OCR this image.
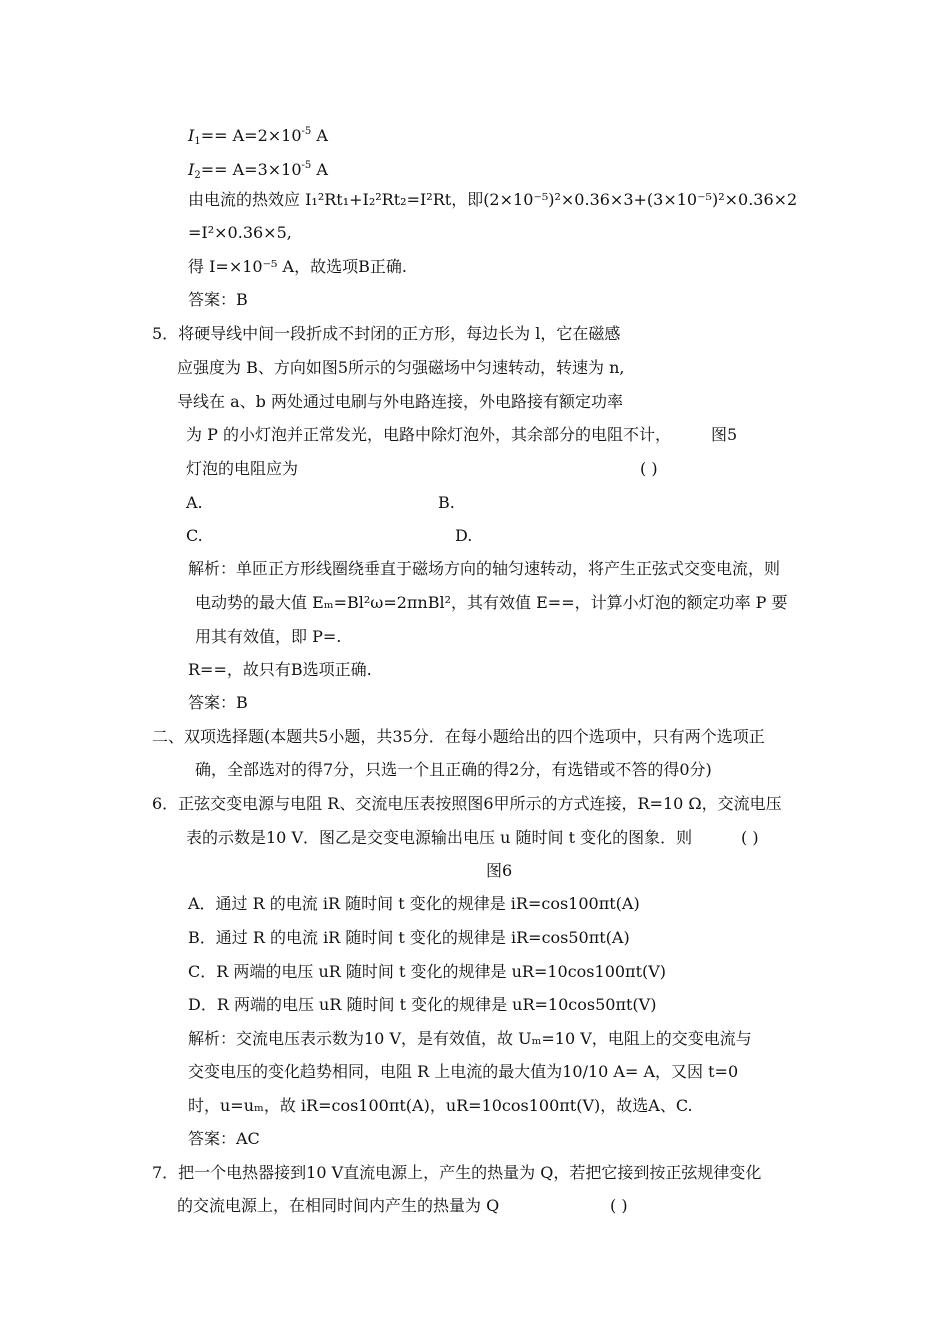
$I_1== A=2\times 10^{-5}$ A
$I_2== A=3\times 10^{-5}$ A
由电流的热效应 I₁²Rt₁+I₂²Rt₂=I²Rt，即(2×10⁻⁵)²×0.36×3+(3×10⁻⁵)²×0.36×2
=I²×0.36×5,
得 I=×10⁻⁵ A，故选项B正确.
答案：B
5．将硬导线中间一段折成不封闭的正方形，每边长为 l，它在磁感
应强度为 B、方向如图5所示的匀强磁场中匀速转动，转速为 n,
导线在 a、b 两处通过电刷与外电路连接，外电路接有额定功率
为 P 的小灯泡并正常发光，电路中除灯泡外，其余部分的电阻不计，	图5
灯泡的电阻应为	( )
A.	B.
C.	D.
解析：单匝正方形线圈绕垂直于磁场方向的轴匀速转动，将产生正弦式交变电流，则
电动势的最大值 Eₘ=Bl²ω=2πnBl²，其有效值 E==，计算小灯泡的额定功率 P 要
用其有效值，即 P=.
R==，故只有B选项正确.
答案：B
二、双项选择题(本题共5小题，共35分．在每小题给出的四个选项中，只有两个选项正
确，全部选对的得7分，只选一个且正确的得2分，有选错或不答的得0分)
6．正弦交变电源与电阻 R、交流电压表按照图6甲所示的方式连接，R=10 Ω，交流电压
表的示数是10 V．图乙是交变电源输出电压 u 随时间 t 变化的图象．则	( )
图6
A．通过 R 的电流 iR 随时间 t 变化的规律是 iR=cos100πt(A)
B．通过 R 的电流 iR 随时间 t 变化的规律是 iR=cos50πt(A)
C．R 两端的电压 uR 随时间 t 变化的规律是 uR=10cos100πt(V)
D．R 两端的电压 uR 随时间 t 变化的规律是 uR=10cos50πt(V)
解析：交流电压表示数为10 V，是有效值，故 Uₘ=10 V，电阻上的交变电流与
交变电压的变化趋势相同，电阻 R 上电流的最大值为10/10 A= A，又因 t=0
时，u=uₘ，故 iR=cos100πt(A)，uR=10cos100πt(V)，故选A、C.
答案：AC
7．把一个电热器接到10 V直流电源上，产生的热量为 Q，若把它接到按正弦规律变化
的交流电源上，在相同时间内产生的热量为 Q	( )
